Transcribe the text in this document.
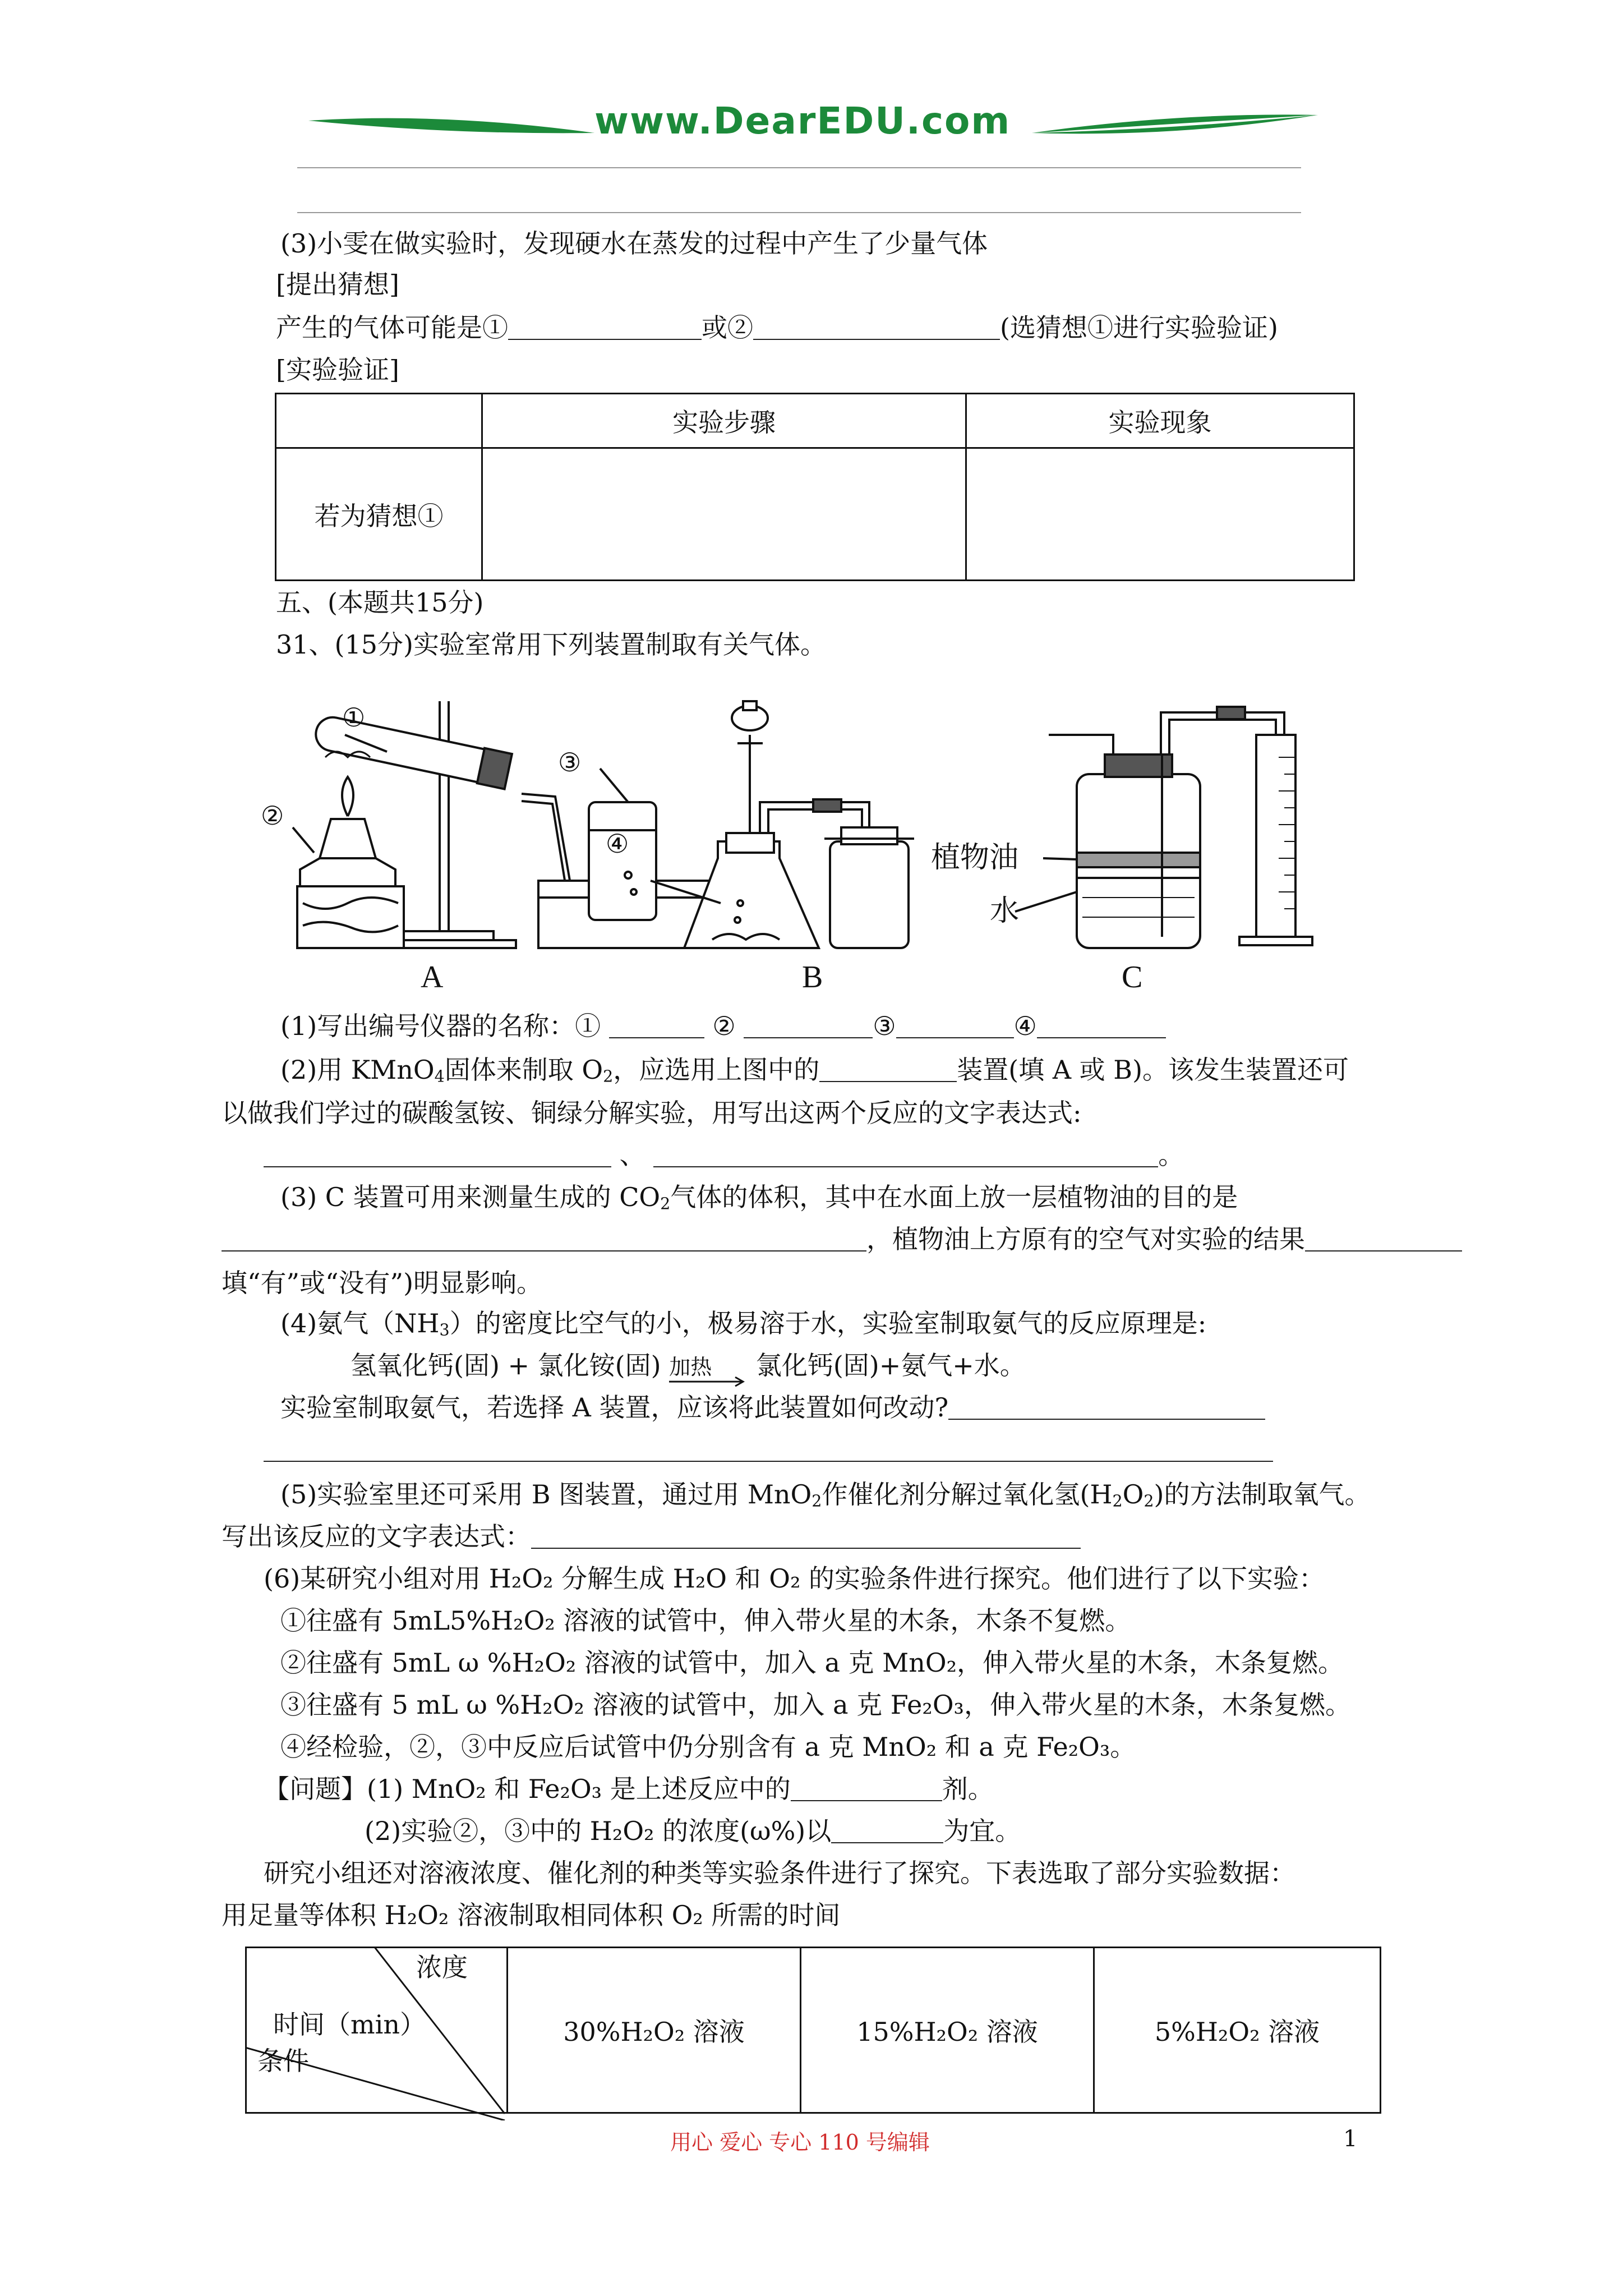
www.DearEDU.com
(3)小雯在做实验时，发现硬水在蒸发的过程中产生了少量气体
[提出猜想]
产生的气体可能是①	或②	(选猜想①进行实验验证)
[实验验证]
	实验步骤	实验现象
若为猜想①		
五、(本题共15分)
31、(15分)实验室常用下列装置制取有关气体。
①
②
③
④	植物油
水
A	B	C
(1)写出编号仪器的名称：①	②	③	④
(2)用 KMnO$_4$固体来制取 $O_2$，应选用上图中的	装置(填 A 或 B)。该发生装置还可
以做我们学过的碳酸氢铵、铜绿分解实验，用写出这两个反应的文字表达式:
、	。
(3) C 装置可用来测量生成的 $CO_2$气体的体积，其中在水面上放一层植物油的目的是
，植物油上方原有的空气对实验的结果
填“有”或“没有”)明显影响。
(4)氨气$(NH_3)$的密度比空气的小，极易溶于水，实验室制取氨气的反应原理是:
氢氧化钙(固) + 氯化铵(固) 加热 氯化钙(固)+氨气+水。
实验室制取氨气，若选择 A 装置，应该将此装置如何改动?
(5)实验室里还可采用 B 图装置，通过用 MnO$_2$作催化剂分解过氧化氢$(H_2O_2)$的方法制取氧气。
写出该反应的文字表达式：
(6)某研究小组对用 H₂O₂ 分解生成 H₂O 和 O₂ 的实验条件进行探究。他们进行了以下实验：
①往盛有 5mL5%H₂O₂ 溶液的试管中，伸入带火星的木条，木条不复燃。
②往盛有 5mL ω %H₂O₂ 溶液的试管中，加入 a 克 MnO₂，伸入带火星的木条，木条复燃。
③往盛有 5 mL ω %H₂O₂ 溶液的试管中，加入 a 克 Fe₂O₃，伸入带火星的木条，木条复燃。
④经检验，②，③中反应后试管中仍分别含有 a 克 MnO₂ 和 a 克 Fe₂O₃。
【问题】(1) MnO₂ 和 Fe₂O₃ 是上述反应中的	剂。
(2)实验②，③中的 H₂O₂ 的浓度(ω%)以	为宜。
研究小组还对溶液浓度、催化剂的种类等实验条件进行了探究。下表选取了部分实验数据：
用足量等体积 H₂O₂ 溶液制取相同体积 O₂ 所需的时间
	30%H₂O₂ 溶液	15%H₂O₂ 溶液	5%H₂O₂ 溶液
浓度
时间（min）
条件
用心 爱心 专心 110 号编辑	1
